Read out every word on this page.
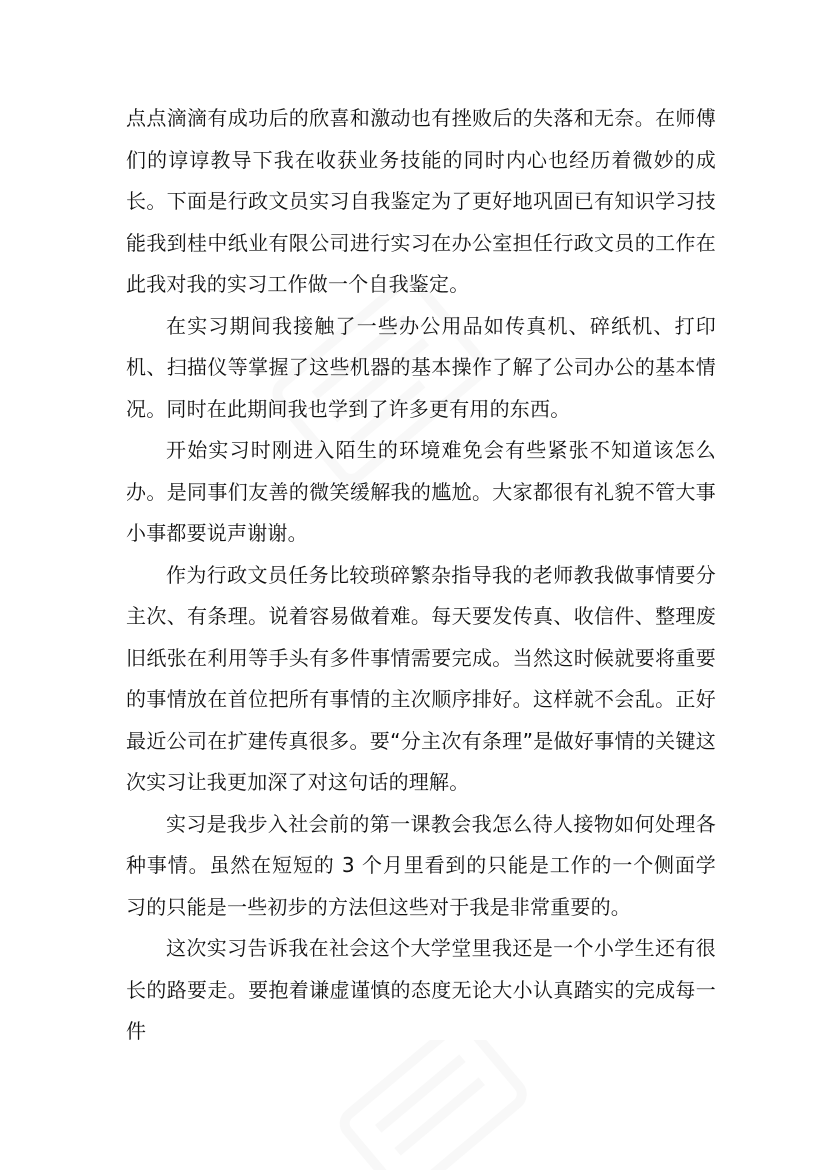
点点滴滴有成功后的欣喜和激动也有挫败后的失落和无奈。在师傅们的谆谆教导下我在收获业务技能的同时内心也经历着微妙的成长。下面是行政文员实习自我鉴定为了更好地巩固已有知识学习技能我到桂中纸业有限公司进行实习在办公室担任行政文员的工作在此我对我的实习工作做一个自我鉴定。

在实习期间我接触了一些办公用品如传真机、碎纸机、打印机、扫描仪等掌握了这些机器的基本操作了解了公司办公的基本情况。同时在此期间我也学到了许多更有用的东西。

开始实习时刚进入陌生的环境难免会有些紧张不知道该怎么办。是同事们友善的微笑缓解我的尴尬。大家都很有礼貌不管大事小事都要说声谢谢。

作为行政文员任务比较琐碎繁杂指导我的老师教我做事情要分主次、有条理。说着容易做着难。每天要发传真、收信件、整理废旧纸张在利用等手头有多件事情需要完成。当然这时候就要将重要的事情放在首位把所有事情的主次顺序排好。这样就不会乱。正好最近公司在扩建传真很多。要“分主次有条理”是做好事情的关键这次实习让我更加深了对这句话的理解。

实习是我步入社会前的第一课教会我怎么待人接物如何处理各种事情。虽然在短短的 3 个月里看到的只能是工作的一个侧面学习的只能是一些初步的方法但这些对于我是非常重要的。

这次实习告诉我在社会这个大学堂里我还是一个小学生还有很长的路要走。要抱着谦虚谨慎的态度无论大小认真踏实的完成每一件
